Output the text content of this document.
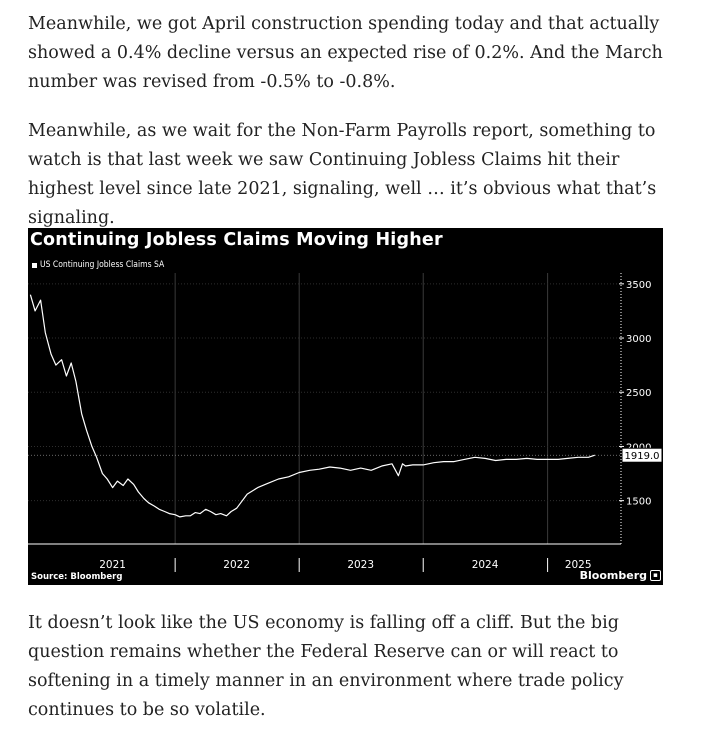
Meanwhile, we got April construction spending today and that actually showed a 0.4% decline versus an expected rise of 0.2%. And the March number was revised from -0.5% to -0.8%.

Meanwhile, as we wait for the Non-Farm Payrolls report, something to watch is that last week we saw Continuing Jobless Claims hit their highest level since late 2021, signaling, well … it’s obvious what that’s signaling.

Continuing Jobless Claims Moving Higher
US Continuing Jobless Claims SA
1500
2500
3000
3500
2021	2022	2023	2024	2025
1919.0
Source: Bloomberg	Bloomberg ▪

It doesn’t look like the US economy is falling off a cliff. But the big question remains whether the Federal Reserve can or will react to softening in a timely manner in an environment where trade policy continues to be so volatile.
